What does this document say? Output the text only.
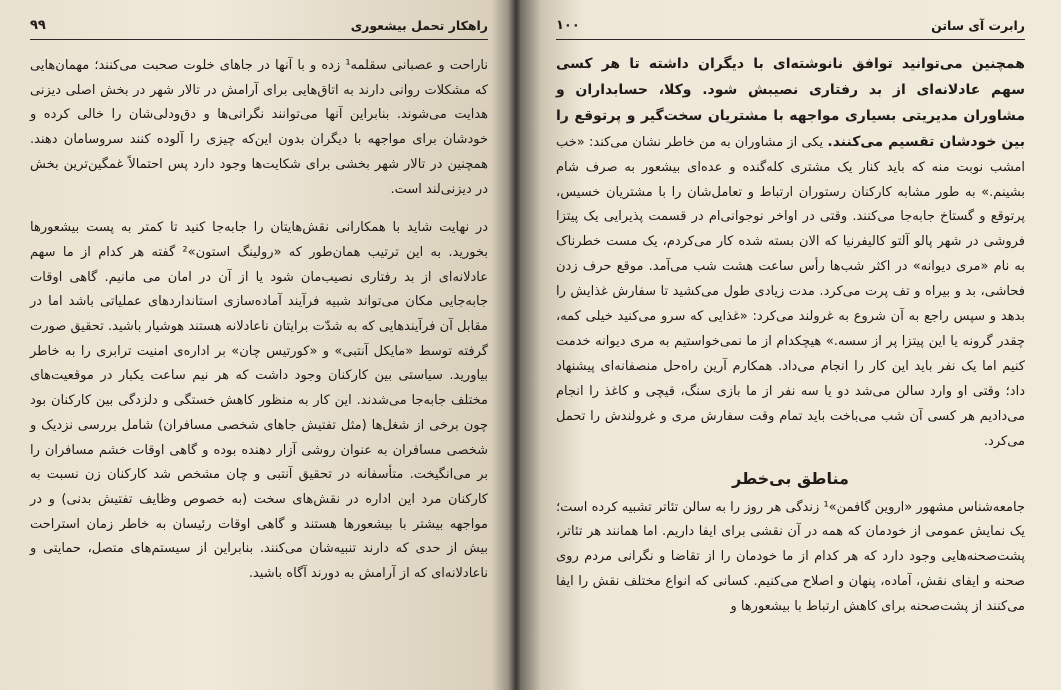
راهکار تحمل بیشعوری
۹۹

ناراحت و عصبانی سقلمه¹ زده و با آنها در جاهای خلوت صحبت می‌کنند؛ مهمان‌هایی که مشکلات روانی دارند به اتاق‌هایی برای آرامش در تالار شهر در بخش اصلی دیزنی هدایت می‌شوند. بنابراین آنها می‌توانند نگرانی‌ها و دق‌ودلی‌شان را خالی کرده و خودشان برای مواجهه با دیگران بدون این‌که چیزی را آلوده کنند سروسامان دهند. همچنین در تالار شهر بخشی برای شکایت‌ها وجود دارد پس احتمالاً غمگین‌ترین بخش در دیزنی‌لند است.

در نهایت شاید با همکارانی نقش‌هایتان را جابه‌جا کنید تا کمتر به پست بیشعورها بخورید. به این ترتیب همان‌طور که «رولینگ استون»² گفته هر کدام از ما سهم عادلانه‌ای از بد رفتاری نصیب‌مان شود یا از آن در امان می مانیم. گاهی اوقات جابه‌جایی مکان می‌تواند شبیه فرآیند آماده‌سازی استانداردهای عملیاتی باشد اما در مقابل آن فرآیندهایی که به شدّت برایتان ناعادلانه هستند هوشیار باشید. تحقیق صورت گرفته توسط «مایکل آنتبی» و «کورتیس چان» بر اداره‌ی امنیت ترابری را به خاطر بیاورید. سیاستی بین کارکنان وجود داشت که هر نیم ساعت یکبار در موقعیت‌های مختلف جابه‌جا می‌شدند. این کار به منظور کاهش خستگی و دلزدگی بین کارکنان بود چون برخی از شغل‌ها (مثل تفتیش جاهای شخصی مسافران) شامل بررسی نزدیک و شخصی مسافران به عنوان روشی آزار دهنده بوده و گاهی اوقات خشم مسافران را بر می‌انگیخت. متأسفانه در تحقیق آنتبی و چان مشخص شد کارکنان زن نسبت به کارکنان مرد این اداره در نقش‌های سخت (به خصوص وظایف تفتیش بدنی) و در مواجهه بیشتر با بیشعورها هستند و گاهی اوقات رئیسان به خاطر زمان استراحت بیش از حدی که دارند تنبیه‌شان می‌کنند. بنابراین از سیستم‌های متصل، حمایتی و ناعادلانه‌ای که از آرامش به دورند آگاه باشید.

رابرت آی ساتن
۱۰۰

همچنین می‌توانید توافق نانوشته‌ای با دیگران داشته تا هر کسی سهم عادلانه‌ای از بد رفتاری نصیبش شود. وکلا، حسابداران و مشاوران مدیریتی بسیاری مواجهه با مشتریان سخت‌گیر و پرتوقع را بین خودشان تقسیم می‌کنند. یکی از مشاوران به من خاطر نشان می‌کند: «خب امشب نوبت منه که باید کنار یک مشتری کله‌گنده و عده‌ای بیشعور به صرف شام بشینم.» به طور مشابه کارکنان رستوران ارتباط و تعامل‌شان را با مشتریان خسیس، پرتوقع و گستاخ جابه‌جا می‌کنند. وقتی در اواخر نوجوانی‌ام در قسمت پذیرایی یک پیتزا فروشی در شهر پالو آلتو کالیفرنیا که الان بسته شده کار می‌کردم، یک مست خطرناک به نام «مری دیوانه» در اکثر شب‌ها رأس ساعت هشت شب می‌آمد. موقع حرف زدن فحاشی، بد و بیراه و تف پرت می‌کرد. مدت زیادی طول می‌کشید تا سفارش غذایش را بدهد و سپس راجع به آن شروع به غرولند می‌کرد: «غذایی که سرو می‌کنید خیلی کمه، چقدر گرونه یا این پیتزا پر از سسه.» هیچکدام از ما نمی‌خواستیم به مری دیوانه خدمت کنیم اما یک نفر باید این کار را انجام می‌داد. همکارم آرین راه‌حل منصفانه‌ای پیشنهاد داد؛ وقتی او وارد سالن می‌شد دو یا سه نفر از ما بازی سنگ، قیچی و کاغذ را انجام می‌دادیم هر کسی آن شب می‌باخت باید تمام وقت سفارش مری و غرولندش را تحمل می‌کرد.

مناطق بی‌خطر

جامعه‌شناس مشهور «اروین گافمن»¹ زندگی هر روز را به سالن تئاتر تشبیه کرده است؛ یک نمایش عمومی از خودمان که همه در آن نقشی برای ایفا داریم. اما همانند هر تئاتر، پشت‌صحنه‌هایی وجود دارد که هر کدام از ما خودمان را از تقاضا و نگرانی مردم روی صحنه و ایفای نقش، آماده، پنهان و اصلاح می‌کنیم. کسانی که انواع مختلف نقش را ایفا می‌کنند از پشت‌صحنه برای کاهش ارتباط با بیشعورها و
